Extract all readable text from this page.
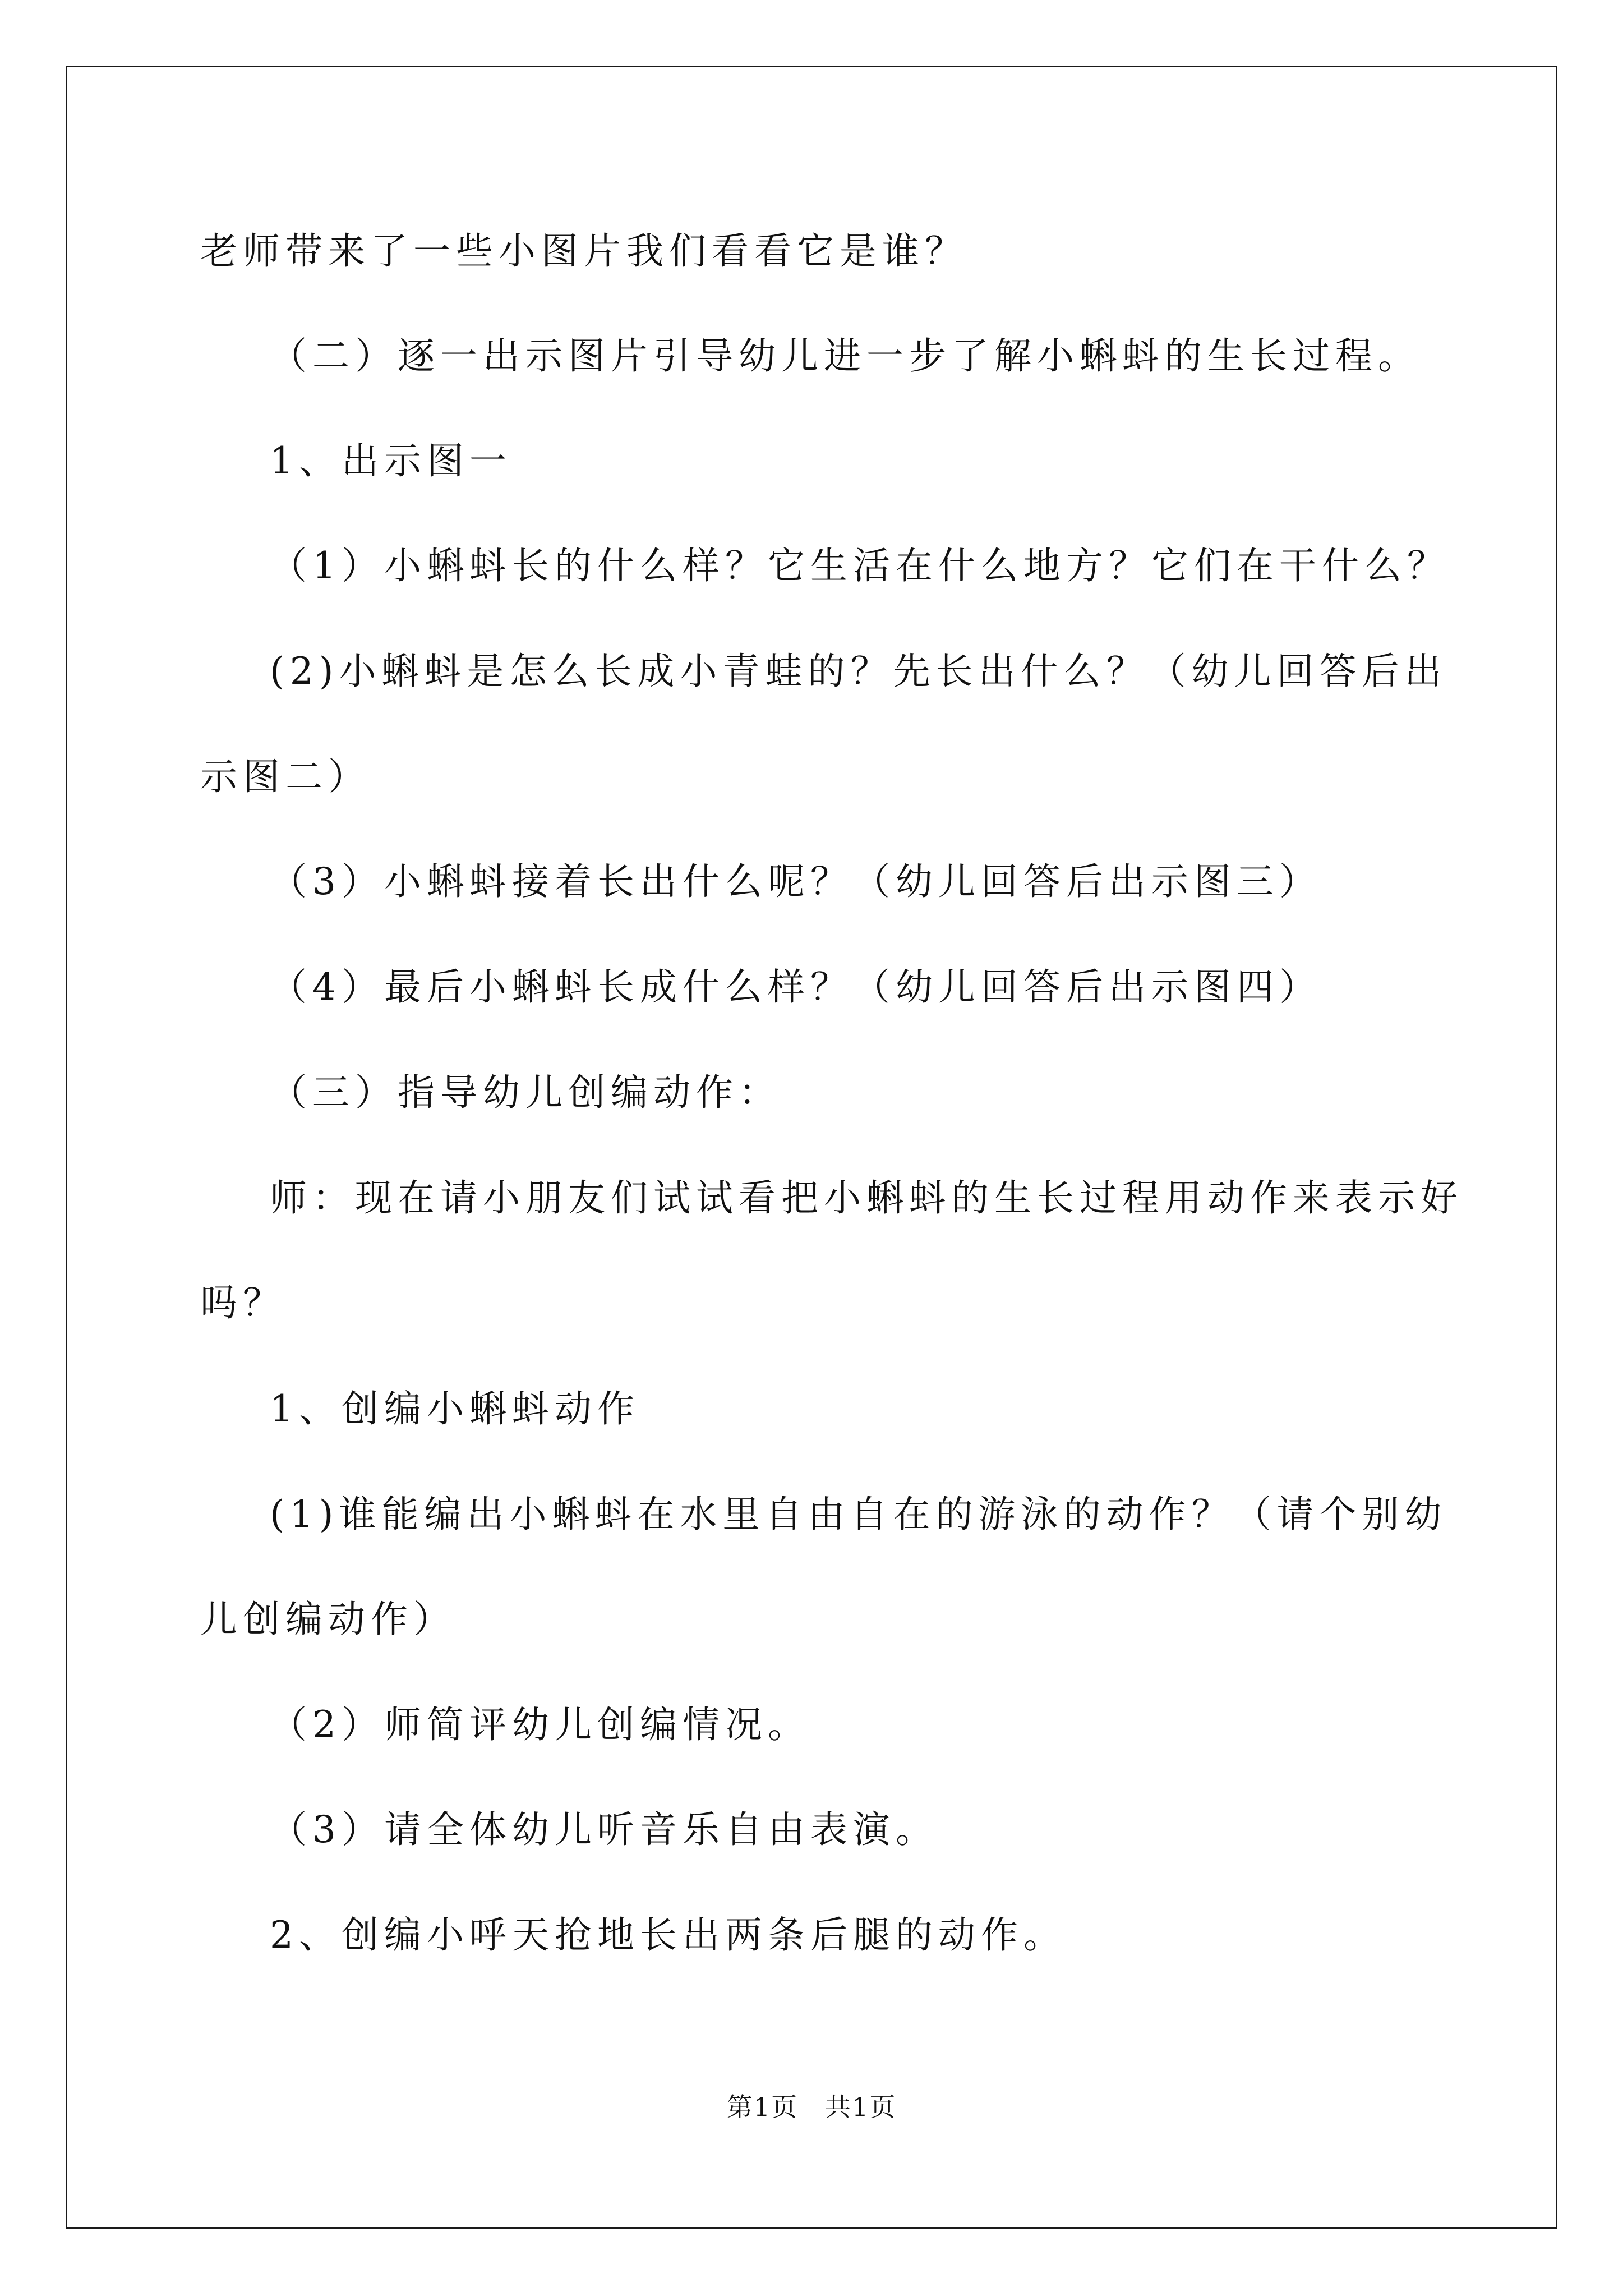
老师带来了一些小图片我们看看它是谁？
（二）逐一出示图片引导幼儿进一步了解小蝌蚪的生长过程。
1、出示图一
（1）小蝌蚪长的什么样？它生活在什么地方？它们在干什么？
(2)小蝌蚪是怎么长成小青蛙的？先长出什么？（幼儿回答后出
示图二）
（3）小蝌蚪接着长出什么呢？（幼儿回答后出示图三）
（4）最后小蝌蚪长成什么样？（幼儿回答后出示图四）
（三）指导幼儿创编动作：
师：现在请小朋友们试试看把小蝌蚪的生长过程用动作来表示好
吗？
1、创编小蝌蚪动作
(1)谁能编出小蝌蚪在水里自由自在的游泳的动作？（请个别幼
儿创编动作）
（2）师简评幼儿创编情况。
（3）请全体幼儿听音乐自由表演。
2、创编小呼天抢地长出两条后腿的动作。
第1页　共1页
